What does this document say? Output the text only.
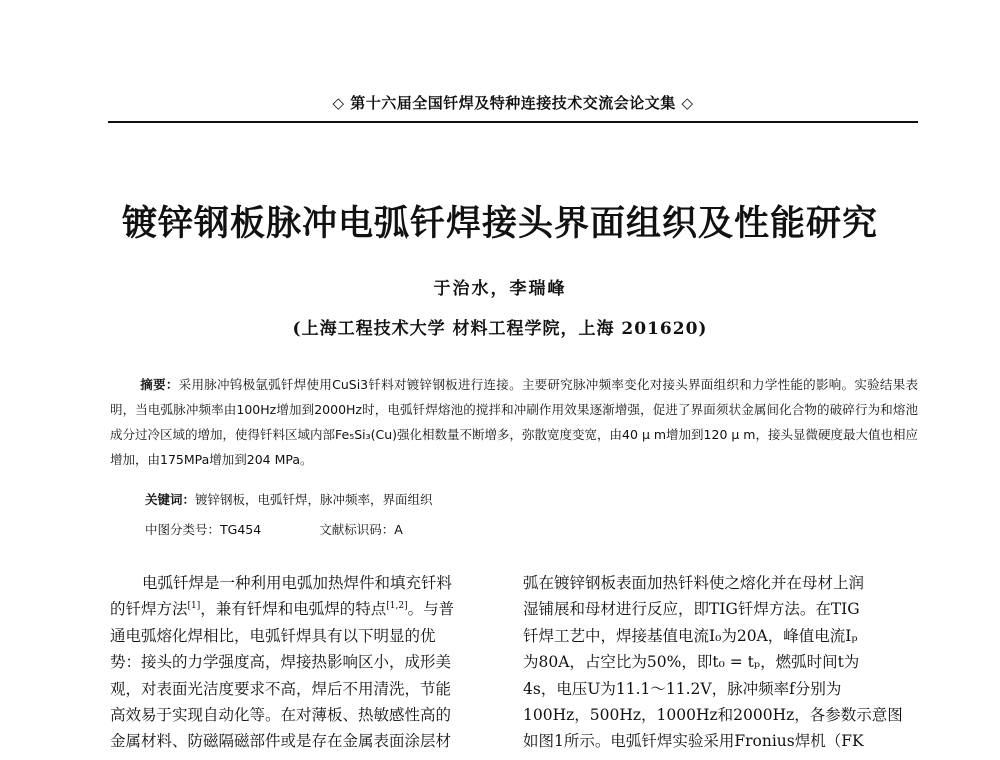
◇ 第十六届全国钎焊及特种连接技术交流会论文集 ◇
镀锌钢板脉冲电弧钎焊接头界面组织及性能研究
于治水，李瑞峰
(上海工程技术大学 材料工程学院，上海 201620)
摘要：采用脉冲钨极氩弧钎焊使用CuSi3钎料对镀锌钢板进行连接。主要研究脉冲频率变化对接头界面组织和力学性能的影响。实验结果表明，当电弧脉冲频率由100Hz增加到2000Hz时，电弧钎焊熔池的搅拌和冲刷作用效果逐渐增强，促进了界面须状金属间化合物的破碎行为和熔池成分过冷区域的增加，使得钎料区域内部Fe₅Si₃(Cu)强化相数量不断增多，弥散宽度变宽，由40 μ m增加到120 μ m，接头显微硬度最大值也相应增加，由175MPa增加到204 MPa。
关键词：镀锌钢板，电弧钎焊，脉冲频率，界面组织
中图分类号：TG454	文献标识码：A
电弧钎焊是一种利用电弧加热焊件和填充钎料
的钎焊方法[1]，兼有钎焊和电弧焊的特点[1,2]。与普
通电弧熔化焊相比，电弧钎焊具有以下明显的优
势：接头的力学强度高，焊接热影响区小，成形美
观，对表面光洁度要求不高，焊后不用清洗，节能
高效易于实现自动化等。在对薄板、热敏感性高的
金属材料、防磁隔磁部件或是存在金属表面涂层材
弧在镀锌钢板表面加热钎料使之熔化并在母材上润
湿铺展和母材进行反应，即TIG钎焊方法。在TIG
钎焊工艺中，焊接基值电流I₀为20A，峰值电流Iₚ
为80A，占空比为50%，即t₀ = tₚ，燃弧时间t为
4s，电压U为11.1～11.2V，脉冲频率f分别为
100Hz，500Hz，1000Hz和2000Hz，各参数示意图
如图1所示。电弧钎焊实验采用Fronius焊机（FK
